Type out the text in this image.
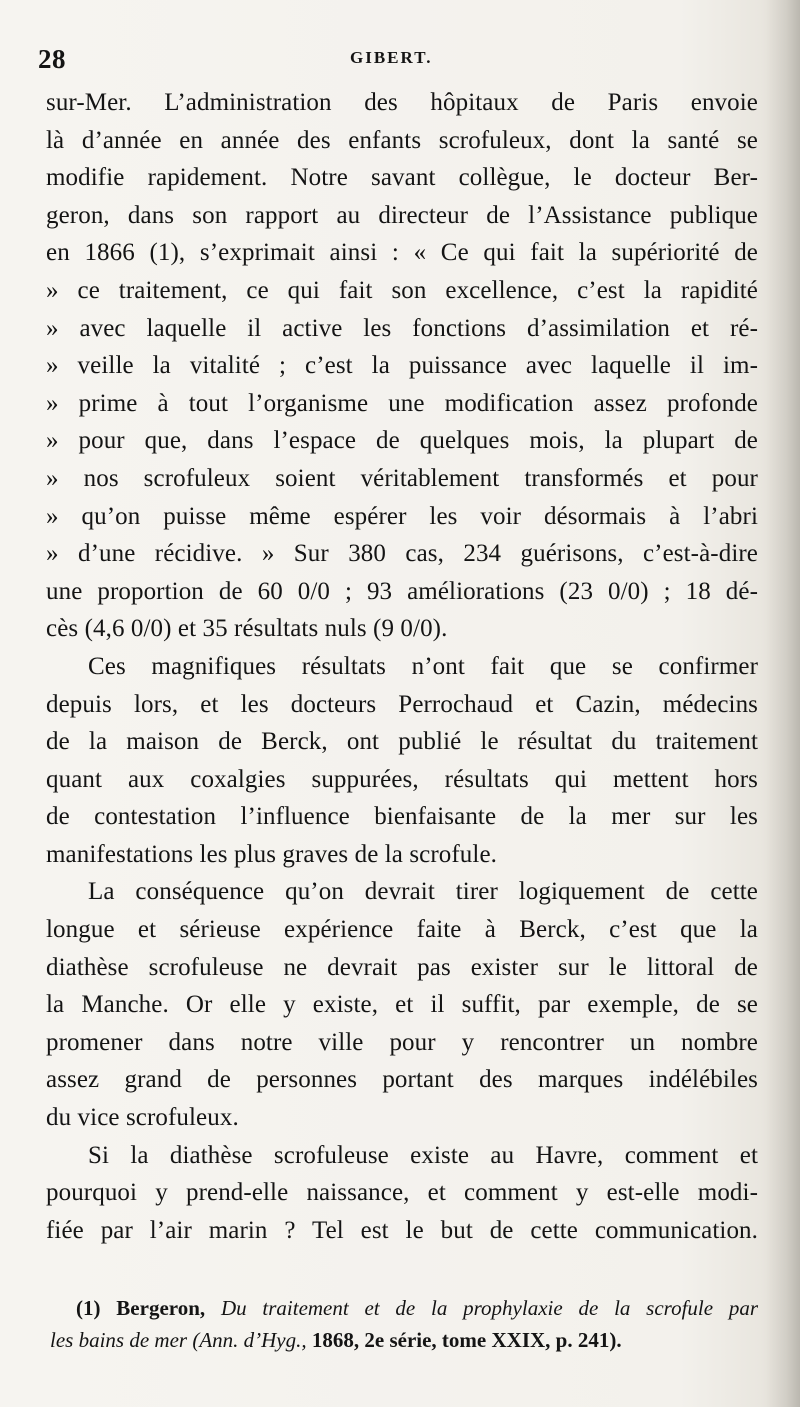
28	GIBERT.
sur-Mer. L’administration des hôpitaux de Paris envoie
là d’année en année des enfants scrofuleux, dont la santé se
modifie rapidement. Notre savant collègue, le docteur Ber-
geron, dans son rapport au directeur de l’Assistance publique
en 1866 (1), s’exprimait ainsi : « Ce qui fait la supériorité de
» ce traitement, ce qui fait son excellence, c’est la rapidité
» avec laquelle il active les fonctions d’assimilation et ré-
» veille la vitalité ; c’est la puissance avec laquelle il im-
» prime à tout l’organisme une modification assez profonde
» pour que, dans l’espace de quelques mois, la plupart de
» nos scrofuleux soient véritablement transformés et pour
» qu’on puisse même espérer les voir désormais à l’abri
» d’une récidive. » Sur 380 cas, 234 guérisons, c’est-à-dire
une proportion de 60 0/0 ; 93 améliorations (23 0/0) ; 18 dé-
cès (4,6 0/0) et 35 résultats nuls (9 0/0).
Ces magnifiques résultats n’ont fait que se confirmer
depuis lors, et les docteurs Perrochaud et Cazin, médecins
de la maison de Berck, ont publié le résultat du traitement
quant aux coxalgies suppurées, résultats qui mettent hors
de contestation l’influence bienfaisante de la mer sur les
manifestations les plus graves de la scrofule.
La conséquence qu’on devrait tirer logiquement de cette
longue et sérieuse expérience faite à Berck, c’est que la
diathèse scrofuleuse ne devrait pas exister sur le littoral de
la Manche. Or elle y existe, et il suffit, par exemple, de se
promener dans notre ville pour y rencontrer un nombre
assez grand de personnes portant des marques indélébiles
du vice scrofuleux.
Si la diathèse scrofuleuse existe au Havre, comment et
pourquoi y prend-elle naissance, et comment y est-elle modi-
fiée par l’air marin ? Tel est le but de cette communication.
(1) Bergeron, Du traitement et de la prophylaxie de la scrofule par
les bains de mer (Ann. d’Hyg., 1868, 2e série, tome XXIX, p. 241).
